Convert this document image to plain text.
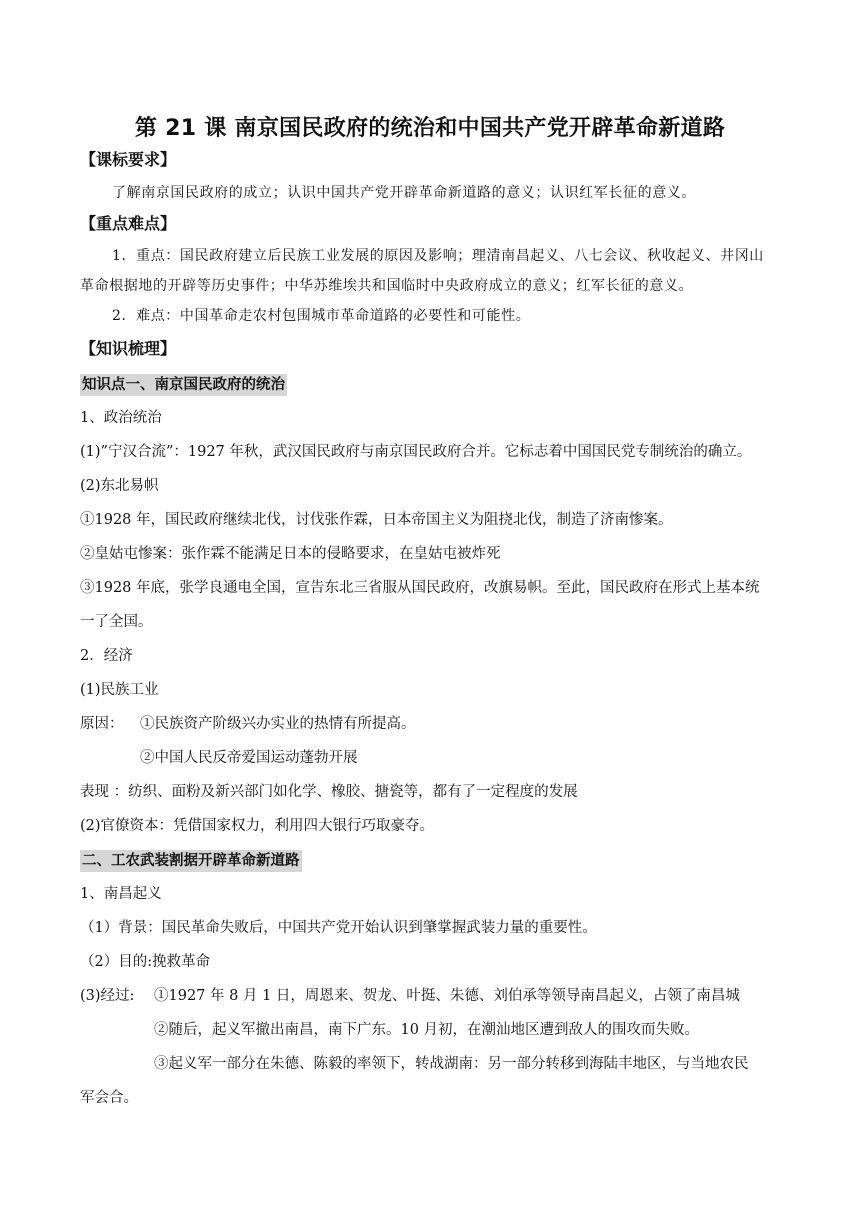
第 21 课 南京国民政府的统治和中国共产党开辟革命新道路
【课标要求】
了解南京国民政府的成立；认识中国共产党开辟革命新道路的意义；认识红军长征的意义。
【重点难点】
1．重点：国民政府建立后民族工业发展的原因及影响；理清南昌起义、八七会议、秋收起义、井冈山
革命根据地的开辟等历史事件；中华苏维埃共和国临时中央政府成立的意义；红军长征的意义。
2．难点：中国革命走农村包围城市革命道路的必要性和可能性。
【知识梳理】
知识点一、南京国民政府的统治
1、政治统治
(1)”宁汉合流”：1927 年秋，武汉国民政府与南京国民政府合并。它标志着中国国民党专制统治的确立。
(2)东北易帜
①1928 年，国民政府继续北伐，讨伐张作霖，日本帝国主义为阻挠北伐，制造了济南惨案。
②皇姑屯惨案：张作霖不能满足日本的侵略要求，在皇姑屯被炸死
③1928 年底，张学良通电全国，宣告东北三省服从国民政府，改旗易帜。至此，国民政府在形式上基本统
一了全国。
2．经济
(1)民族工业
原因： ①民族资产阶级兴办实业的热情有所提高。
②中国人民反帝爱国运动蓬勃开展
表现 ：纺织、面粉及新兴部门如化学、橡胶、搪瓷等，都有了一定程度的发展
(2)官僚资本：凭借国家权力，利用四大银行巧取豪夺。
二、工农武装割据开辟革命新道路
1、南昌起义
（1）背景：国民革命失败后，中国共产党开始认识到肇掌握武装力量的重要性。
（2）目的:挽救革命
(3)经过: ①1927 年 8 月 1 日，周恩来、贺龙、叶挺、朱德、刘伯承等领导南昌起义，占领了南昌城
②随后，起义军撤出南昌，南下广东。10 月初，在潮汕地区遭到敌人的围攻而失败。
③起义军一部分在朱德、陈毅的率领下，转战湖南：另一部分转移到海陆丰地区，与当地农民
军会合。
